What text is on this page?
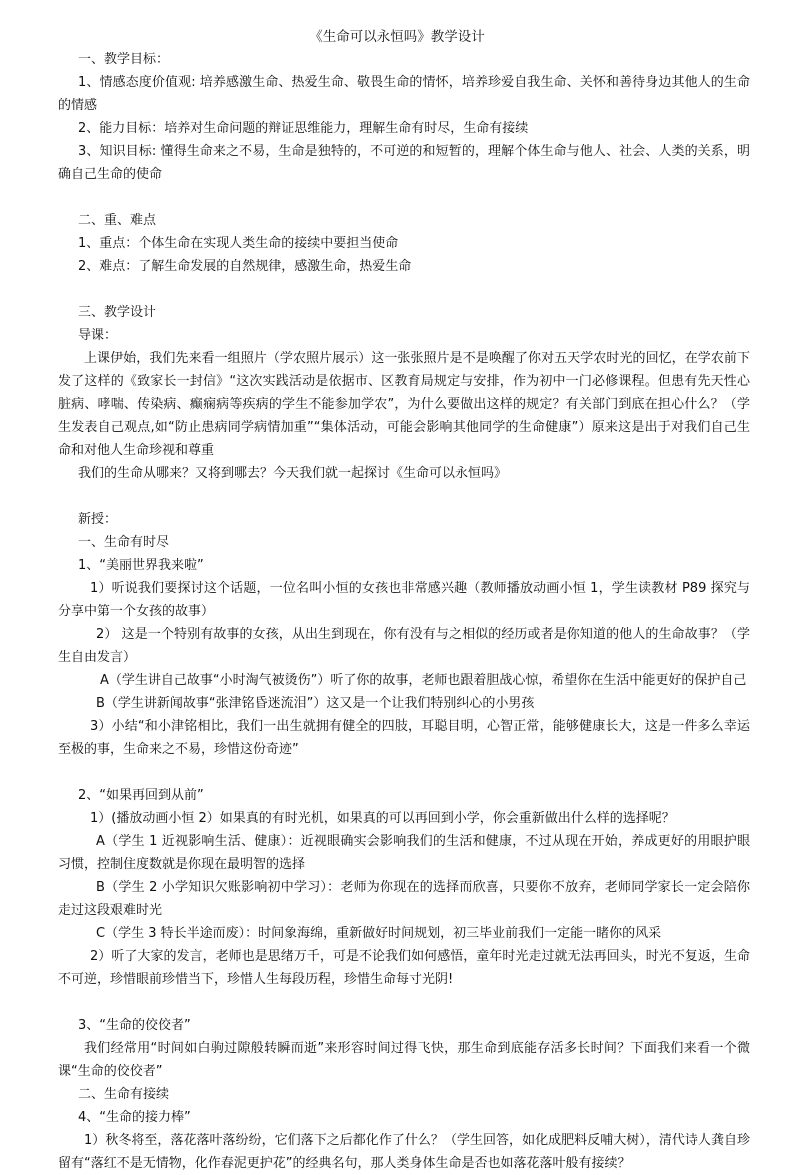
《生命可以永恒吗》教学设计

一、教学目标：

1、情感态度价值观: 培养感激生命、热爱生命、敬畏生命的情怀，培养珍爱自我生命、关怀和善待身边其他人的生命的情感

2、能力目标：培养对生命问题的辩证思维能力，理解生命有时尽，生命有接续

3、知识目标: 懂得生命来之不易，生命是独特的，不可逆的和短暂的，理解个体生命与他人、社会、人类的关系，明确自己生命的使命

二、重、难点

1、重点：个体生命在实现人类生命的接续中要担当使命

2、难点：了解生命发展的自然规律，感激生命，热爱生命

三、教学设计

导课：

上课伊始，我们先来看一组照片（学农照片展示）这一张张照片是不是唤醒了你对五天学农时光的回忆，在学农前下发了这样的《致家长一封信》“这次实践活动是依据市、区教育局规定与安排，作为初中一门必修课程。但患有先天性心脏病、哮喘、传染病、癫痫病等疾病的学生不能参加学农”，为什么要做出这样的规定？有关部门到底在担心什么？（学生发表自己观点,如“防止患病同学病情加重”“集体活动，可能会影响其他同学的生命健康”）原来这是出于对我们自己生命和对他人生命珍视和尊重

我们的生命从哪来？又将到哪去？今天我们就一起探讨《生命可以永恒吗》

新授：

一、生命有时尽

1、“美丽世界我来啦”

1）听说我们要探讨这个话题，一位名叫小恒的女孩也非常感兴趣（教师播放动画小恒 1，学生读教材 P89 探究与分享中第一个女孩的故事）

2） 这是一个特别有故事的女孩，从出生到现在，你有没有与之相似的经历或者是你知道的他人的生命故事？（学生自由发言）

A（学生讲自己故事“小时淘气被烫伤”）听了你的故事，老师也跟着胆战心惊，希望你在生活中能更好的保护自己

B（学生讲新闻故事“张津铭昏迷流泪”）这又是一个让我们特别纠心的小男孩

3）小结“和小津铭相比，我们一出生就拥有健全的四肢，耳聪目明，心智正常，能够健康长大，这是一件多么幸运至极的事，生命来之不易，珍惜这份奇迹”

2、“如果再回到从前”

1）(播放动画小恒 2）如果真的有时光机，如果真的可以再回到小学，你会重新做出什么样的选择呢？

A（学生 1 近视影响生活、健康）：近视眼确实会影响我们的生活和健康，不过从现在开始，养成更好的用眼护眼习惯，控制住度数就是你现在最明智的选择

B（学生 2 小学知识欠账影响初中学习）：老师为你现在的选择而欣喜，只要你不放弃，老师同学家长一定会陪你走过这段艰难时光

C（学生 3 特长半途而废）：时间象海绵，重新做好时间规划，初三毕业前我们一定能一睹你的风采

2）听了大家的发言，老师也是思绪万千，可是不论我们如何感悟，童年时光走过就无法再回头，时光不复返，生命不可逆，珍惜眼前珍惜当下，珍惜人生每段历程，珍惜生命每寸光阴!

3、“生命的佼佼者”

我们经常用“时间如白驹过隙般转瞬而逝”来形容时间过得飞快，那生命到底能存活多长时间？下面我们来看一个微课“生命的佼佼者”

二、生命有接续

4、“生命的接力棒”

1）秋冬将至，落花落叶落纷纷，它们落下之后都化作了什么？（学生回答，如化成肥料反哺大树），清代诗人龚自珍留有“落红不是无情物，化作春泥更护花”的经典名句，那人类身体生命是否也如落花落叶般有接续？
